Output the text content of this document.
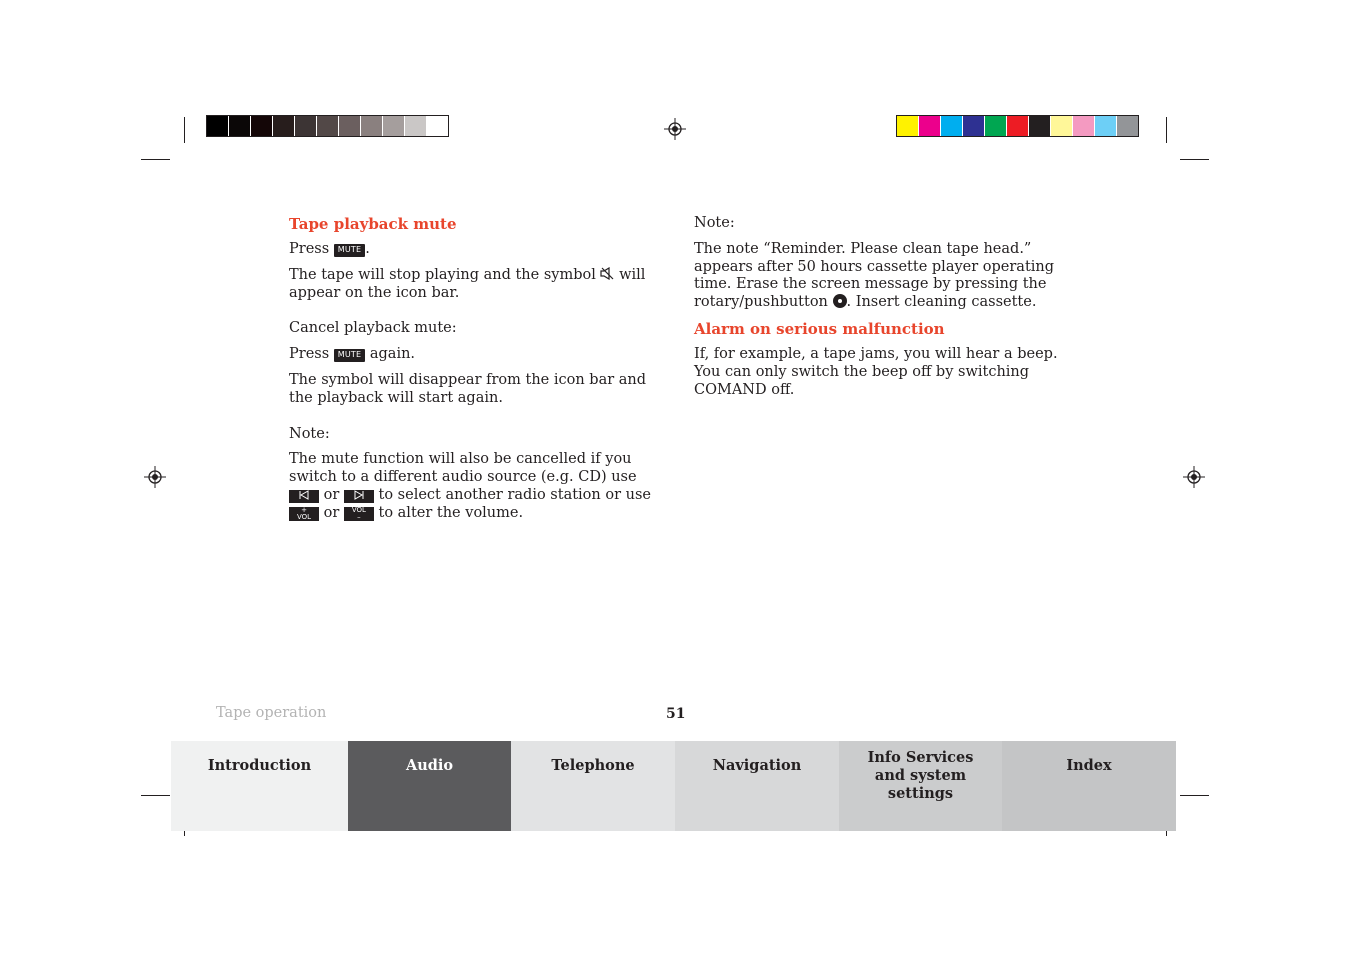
Tape playback mute

Press MUTE .

The tape will stop playing and the symbol will appear on the icon bar.

Cancel playback mute:

Press MUTE again.

The symbol will disappear from the icon bar and the playback will start again.

Note:

The mute function will also be cancelled if you switch to a different audio source (e.g. CD) use  or	to select another radio station or use +
VOL or VOL
– to alter the volume.

Note:

The note “Reminder. Please clean tape head.” appears after 50 hours cassette player operating time. Erase the screen message by pressing the rotary/pushbutton . Insert cleaning cassette.

Alarm on serious malfunction

If, for example, a tape jams, you will hear a beep. You can only switch the beep off by switching COMAND off.

Tape operation	51
Introduction	Audio	Telephone	Navigation	Info Services and system settings
Index
